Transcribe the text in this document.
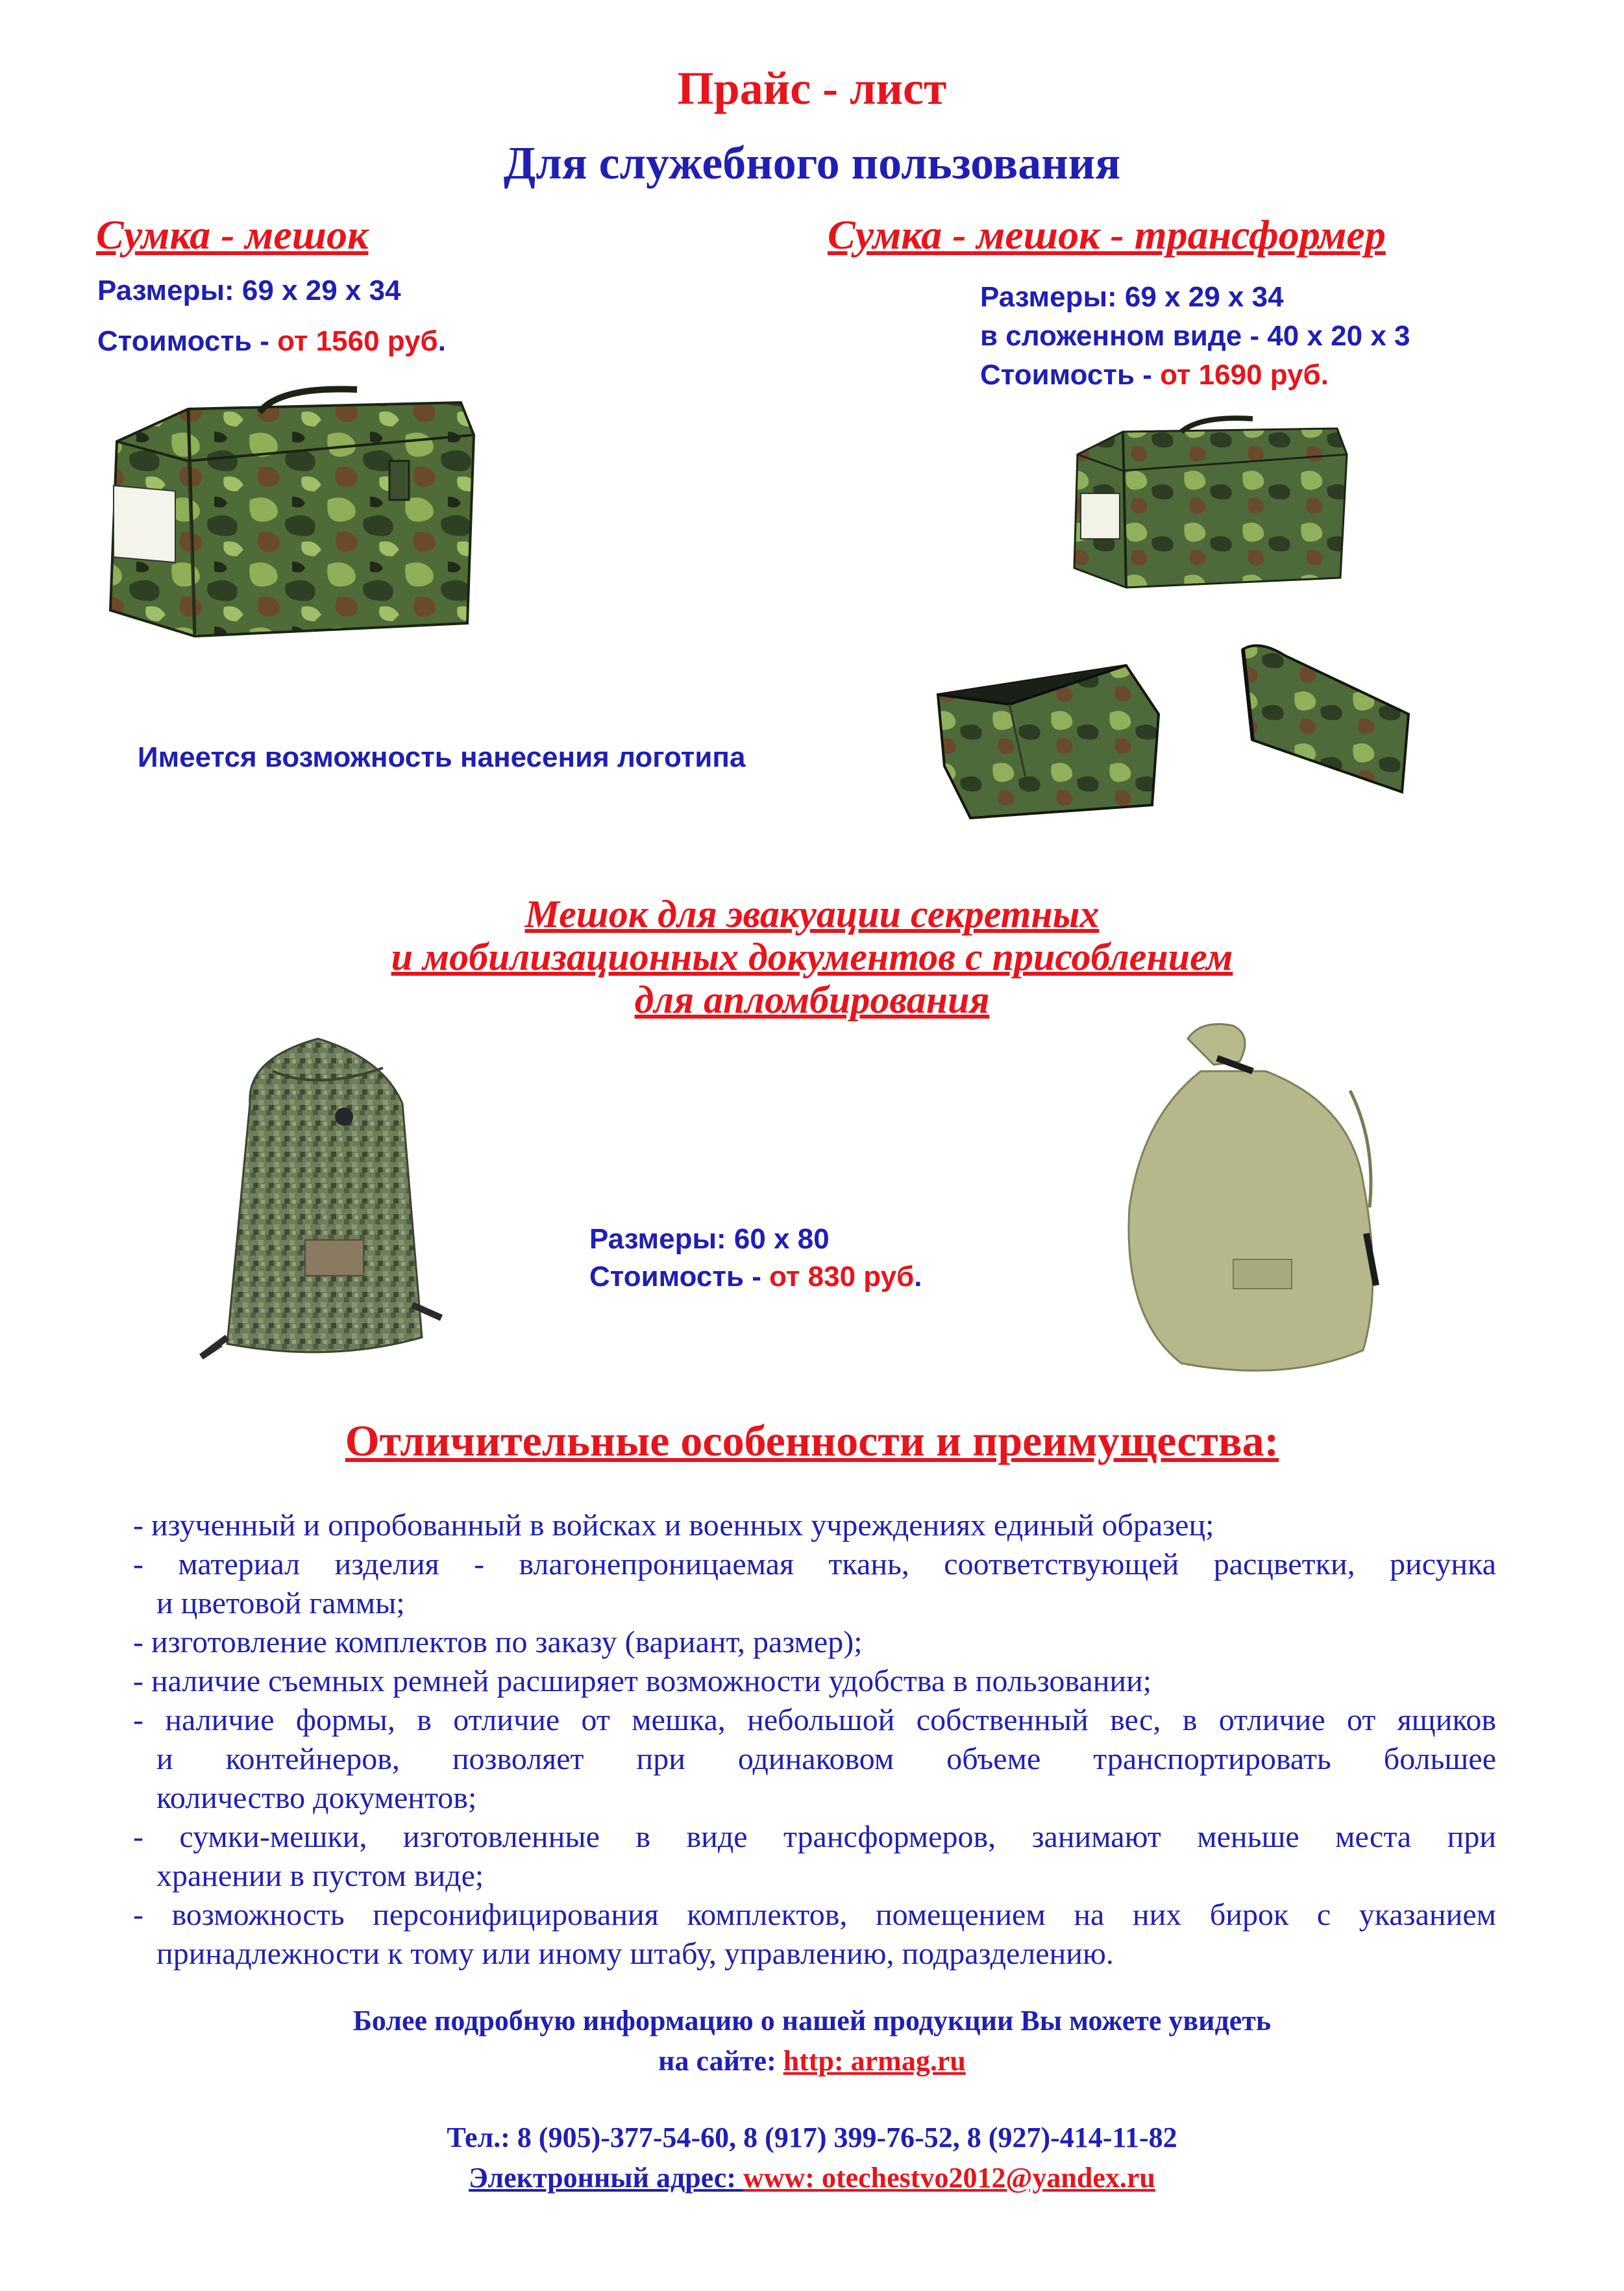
Прайс - лист
Для служебного пользования
Сумка - мешок
Размеры: 69 x 29 x 34
Стоимость - от 1560 руб.
Сумка - мешок - трансформер
Размеры: 69 x 29 x 34
в сложенном виде - 40 x 20 x 3
Стоимость - от 1690 руб.
Имеется возможность нанесения логотипа
Мешок для эвакуации секретных
и мобилизационных документов с присоблением
для апломбирования
Размеры: 60 x 80
Стоимость - от 830 руб.
Отличительные особенности и преимущества:
- изученный и опробованный в войсках и военных учреждениях единый образец;
- материал изделия - влагонепроницаемая ткань, соответствующей расцветки, рисунка
и цветовой гаммы;
- изготовление комплектов по заказу (вариант, размер);
- наличие съемных ремней расширяет возможности удобства в пользовании;
- наличие формы, в отличие от мешка, небольшой собственный вес, в отличие от ящиков
и контейнеров, позволяет при одинаковом объеме транспортировать большее
количество документов;
- сумки-мешки, изготовленные в виде трансформеров, занимают меньше места при
хранении в пустом виде;
- возможность персонифицирования комплектов, помещением на них бирок с указанием
принадлежности к тому или иному штабу, управлению, подразделению.
Более подробную информацию о нашей продукции Вы можете увидеть
на сайте: http: armag.ru
Тел.: 8 (905)-377-54-60, 8 (917) 399-76-52, 8 (927)-414-11-82
Электронный адрес: www: otechestvo2012@yandex.ru
